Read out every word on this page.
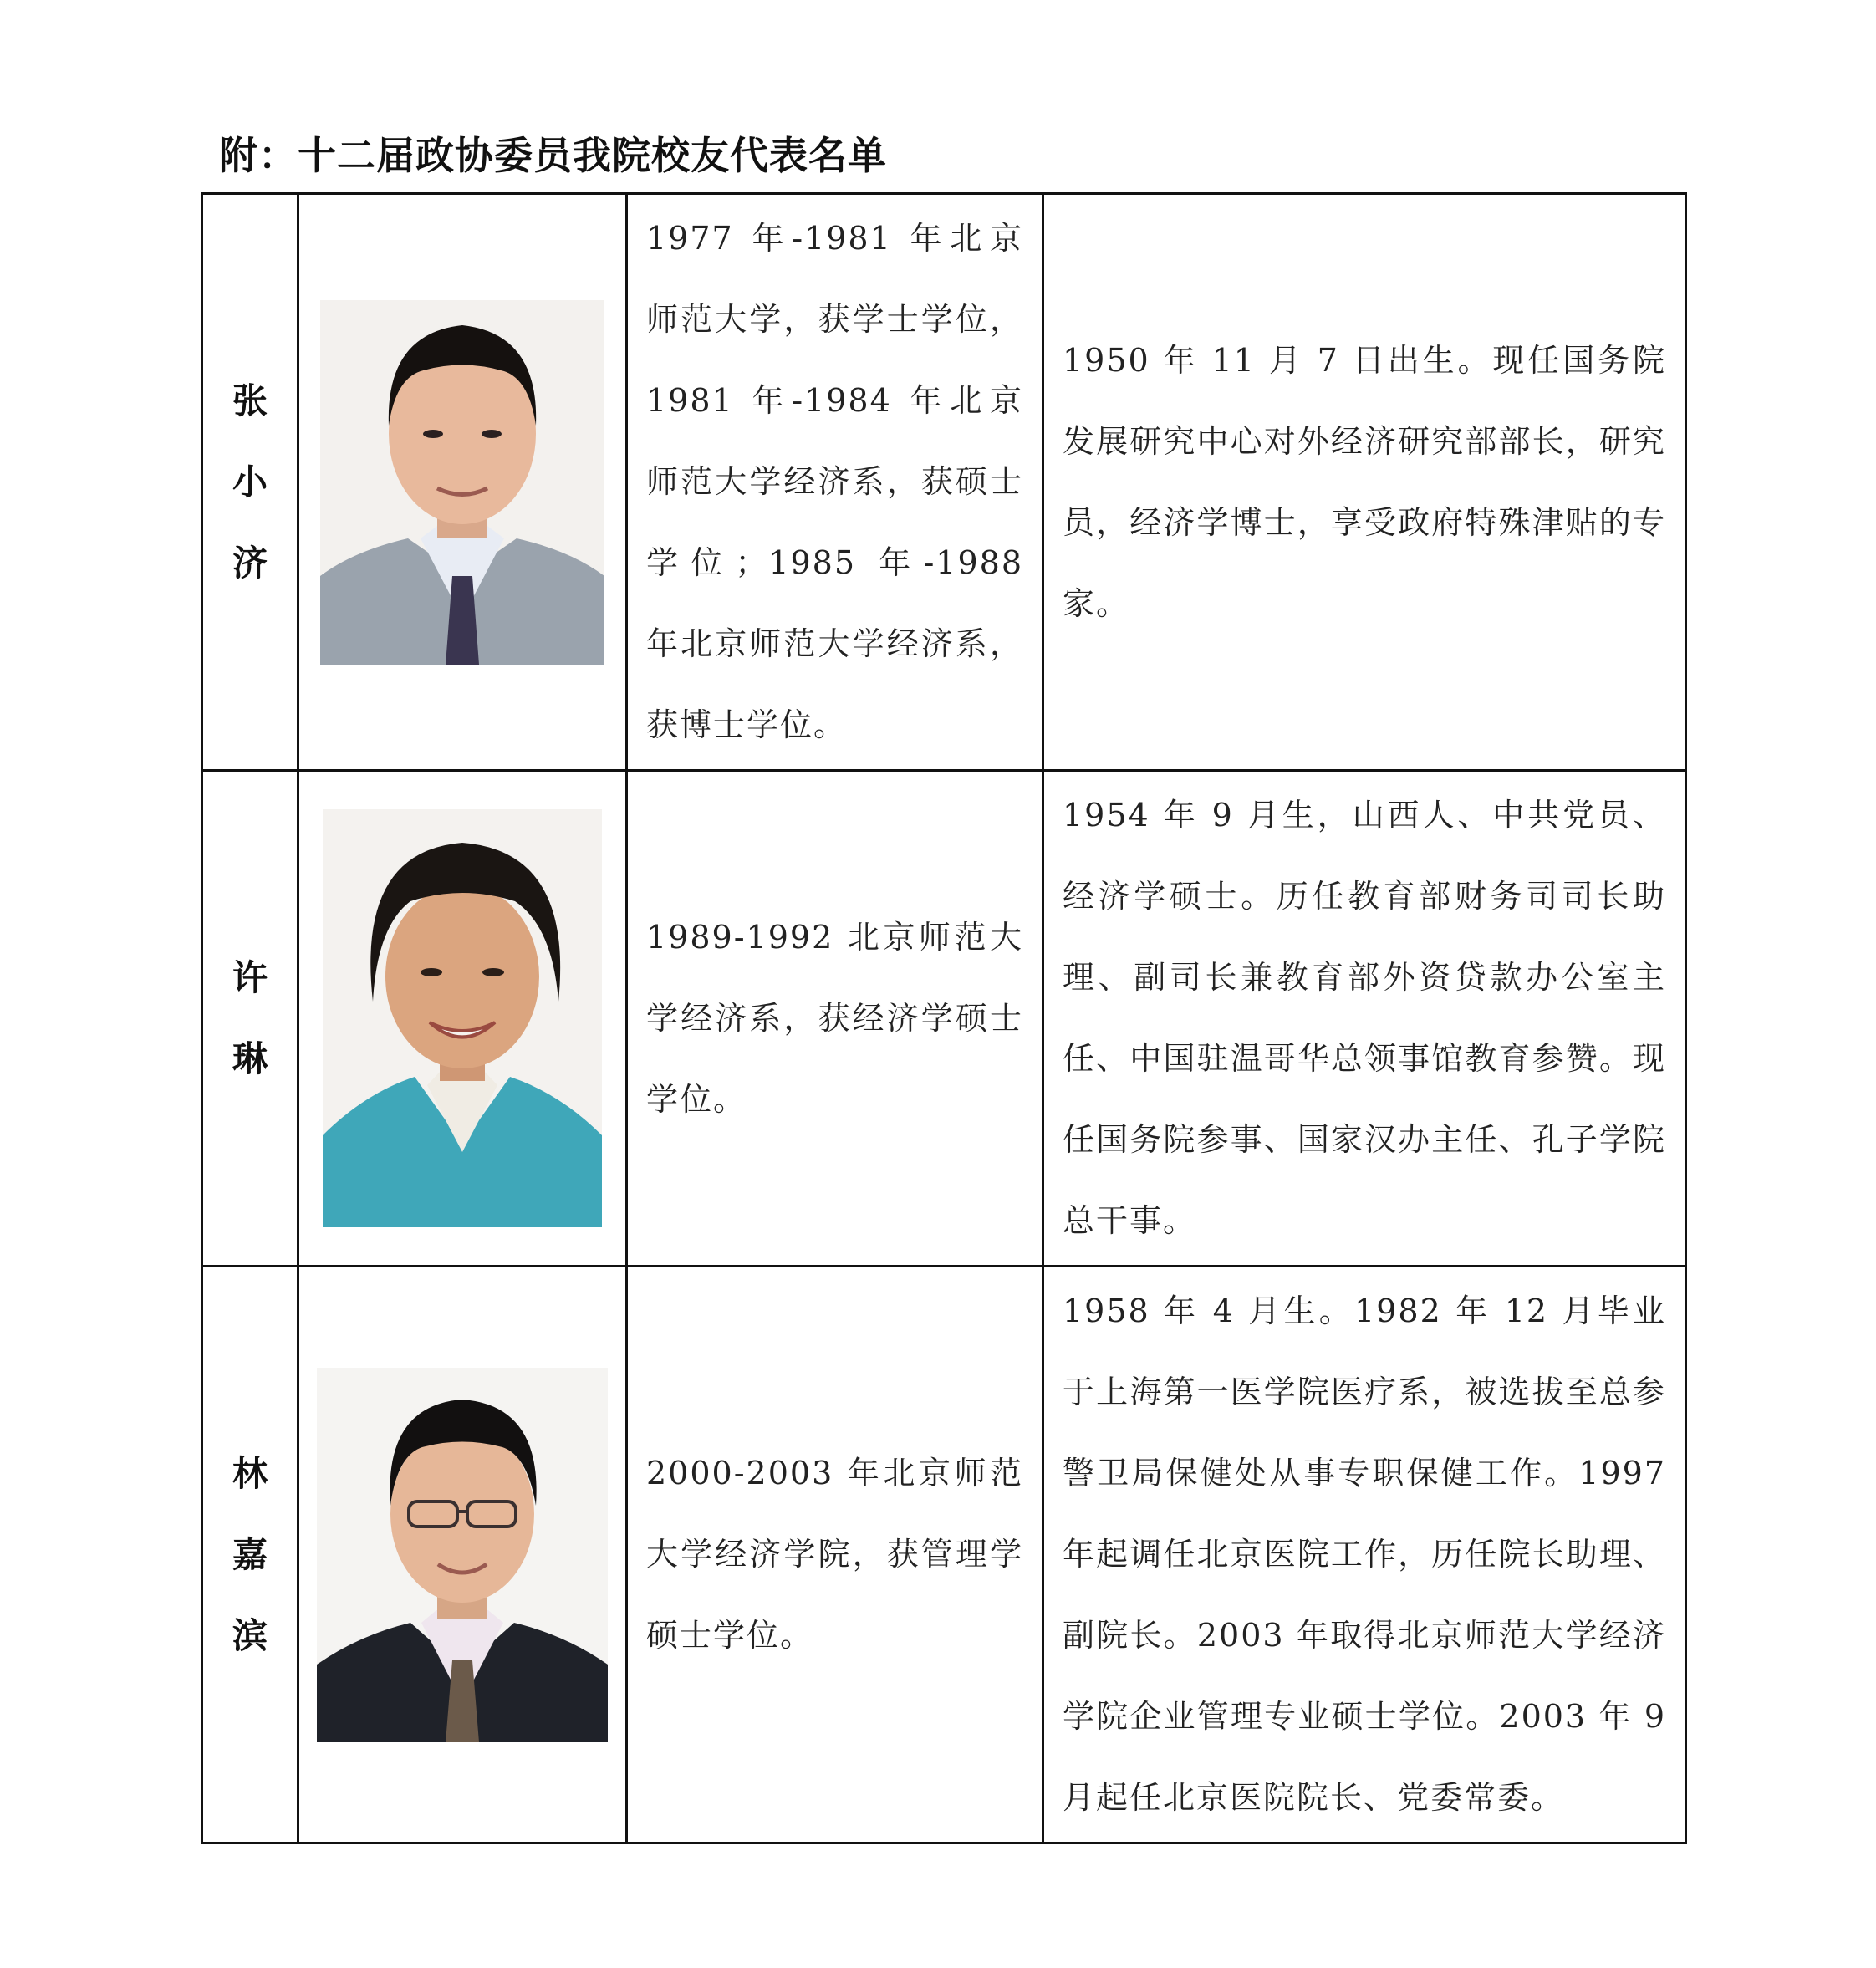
附：十二届政协委员我院校友代表名单
张
小
济		1977 年-1981 年北京师范大学，获学士学位，1981 年-1984 年北京师范大学经济系，获硕士学位；1985 年-1988 年北京师范大学经济系，获博士学位。	1950 年 11 月 7 日出生。现任国务院发展研究中心对外经济研究部部长，研究员，经济学博士，享受政府特殊津贴的专家。

许
琳		1989-1992 北京师范大学经济系，获经济学硕士学位。	1954 年 9 月生，山西人、中共党员、经济学硕士。历任教育部财务司司长助理、副司长兼教育部外资贷款办公室主任、中国驻温哥华总领事馆教育参赞。现任国务院参事、国家汉办主任、孔子学院总干事。

林
嘉
滨		2000-2003 年北京师范大学经济学院，获管理学硕士学位。	1958 年 4 月生。1982 年 12 月毕业于上海第一医学院医疗系，被选拔至总参警卫局保健处从事专职保健工作。1997 年起调任北京医院工作，历任院长助理、副院长。2003 年取得北京师范大学经济学院企业管理专业硕士学位。2003 年 9 月起任北京医院院长、党委常委。
